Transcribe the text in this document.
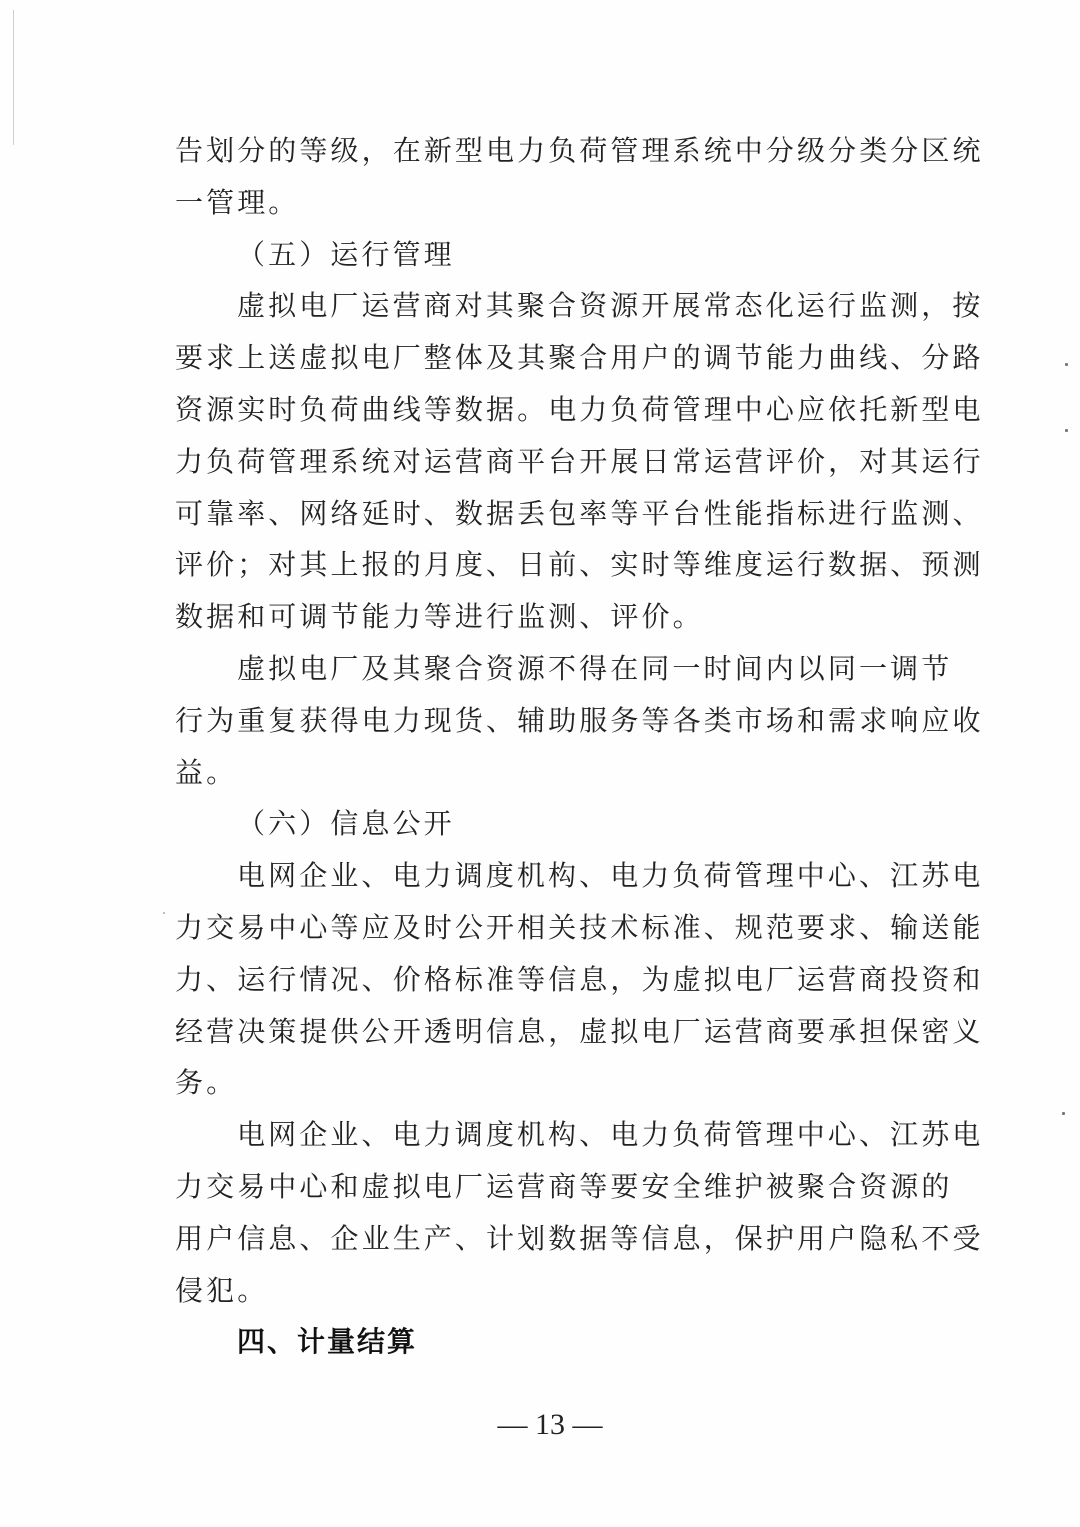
告划分的等级，在新型电力负荷管理系统中分级分类分区统
一管理。
（五）运行管理
虚拟电厂运营商对其聚合资源开展常态化运行监测，按
要求上送虚拟电厂整体及其聚合用户的调节能力曲线、分路
资源实时负荷曲线等数据。电力负荷管理中心应依托新型电
力负荷管理系统对运营商平台开展日常运营评价，对其运行
可靠率、网络延时、数据丢包率等平台性能指标进行监测、
评价；对其上报的月度、日前、实时等维度运行数据、预测
数据和可调节能力等进行监测、评价。
虚拟电厂及其聚合资源不得在同一时间内以同一调节
行为重复获得电力现货、辅助服务等各类市场和需求响应收
益。
（六）信息公开
电网企业、电力调度机构、电力负荷管理中心、江苏电
力交易中心等应及时公开相关技术标准、规范要求、输送能
力、运行情况、价格标准等信息，为虚拟电厂运营商投资和
经营决策提供公开透明信息，虚拟电厂运营商要承担保密义
务。
电网企业、电力调度机构、电力负荷管理中心、江苏电
力交易中心和虚拟电厂运营商等要安全维护被聚合资源的
用户信息、企业生产、计划数据等信息，保护用户隐私不受
侵犯。
四、计量结算
— 13 —
